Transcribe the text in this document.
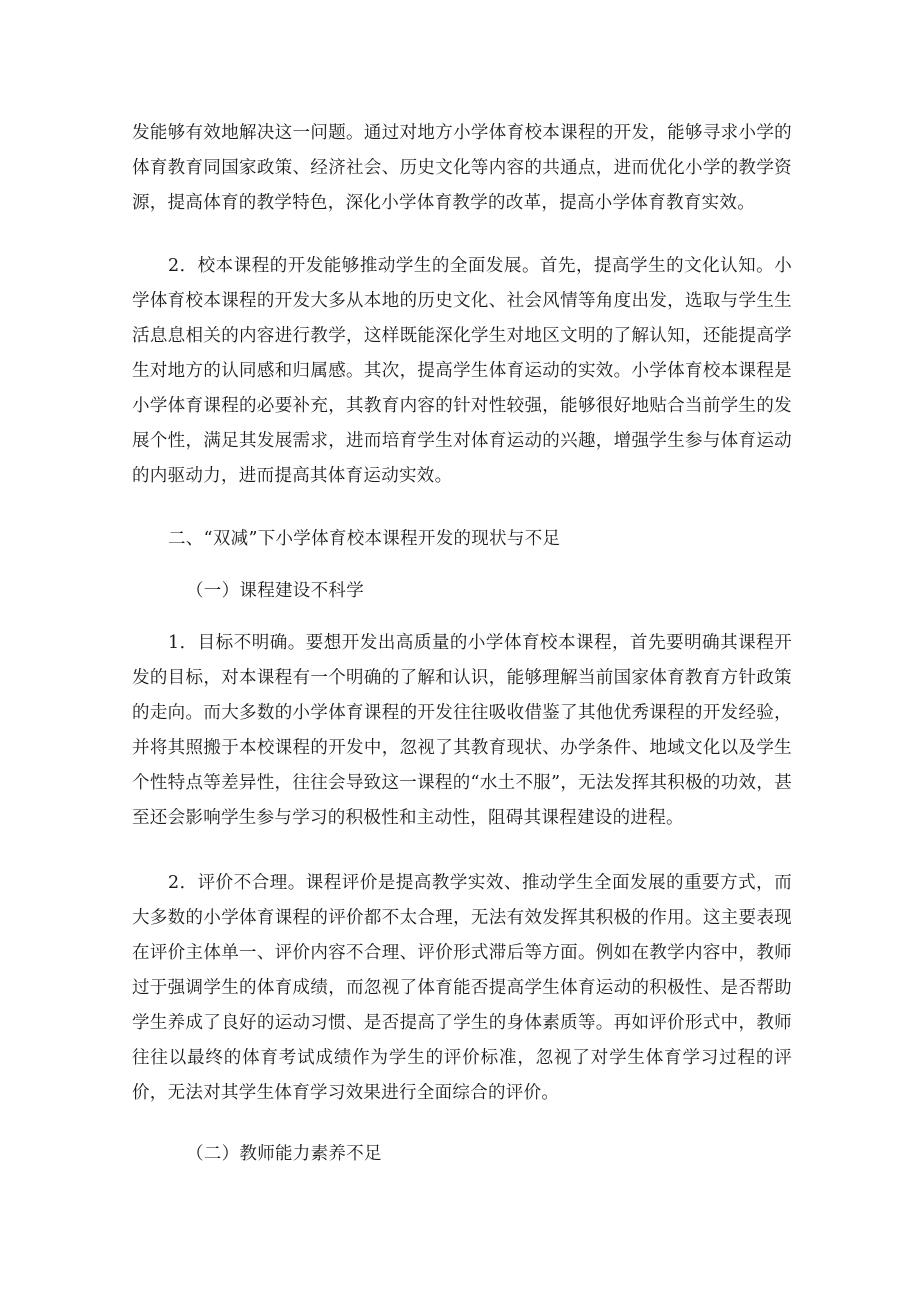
发能够有效地解决这一问题。通过对地方小学体育校本课程的开发，能够寻求小学的体育教育同国家政策、经济社会、历史文化等内容的共通点，进而优化小学的教学资源，提高体育的教学特色，深化小学体育教学的改革，提高小学体育教育实效。

2．校本课程的开发能够推动学生的全面发展。首先，提高学生的文化认知。小学体育校本课程的开发大多从本地的历史文化、社会风情等角度出发，选取与学生生活息息相关的内容进行教学，这样既能深化学生对地区文明的了解认知，还能提高学生对地方的认同感和归属感。其次，提高学生体育运动的实效。小学体育校本课程是小学体育课程的必要补充，其教育内容的针对性较强，能够很好地贴合当前学生的发展个性，满足其发展需求，进而培育学生对体育运动的兴趣，增强学生参与体育运动的内驱动力，进而提高其体育运动实效。

二、“双减”下小学体育校本课程开发的现状与不足

（一）课程建设不科学

1．目标不明确。要想开发出高质量的小学体育校本课程，首先要明确其课程开发的目标，对本课程有一个明确的了解和认识，能够理解当前国家体育教育方针政策的走向。而大多数的小学体育课程的开发往往吸收借鉴了其他优秀课程的开发经验，并将其照搬于本校课程的开发中，忽视了其教育现状、办学条件、地域文化以及学生个性特点等差异性，往往会导致这一课程的“水土不服”，无法发挥其积极的功效，甚至还会影响学生参与学习的积极性和主动性，阻碍其课程建设的进程。

2．评价不合理。课程评价是提高教学实效、推动学生全面发展的重要方式，而大多数的小学体育课程的评价都不太合理，无法有效发挥其积极的作用。这主要表现在评价主体单一、评价内容不合理、评价形式滞后等方面。例如在教学内容中，教师过于强调学生的体育成绩，而忽视了体育能否提高学生体育运动的积极性、是否帮助学生养成了良好的运动习惯、是否提高了学生的身体素质等。再如评价形式中，教师往往以最终的体育考试成绩作为学生的评价标准，忽视了对学生体育学习过程的评价，无法对其学生体育学习效果进行全面综合的评价。

（二）教师能力素养不足
